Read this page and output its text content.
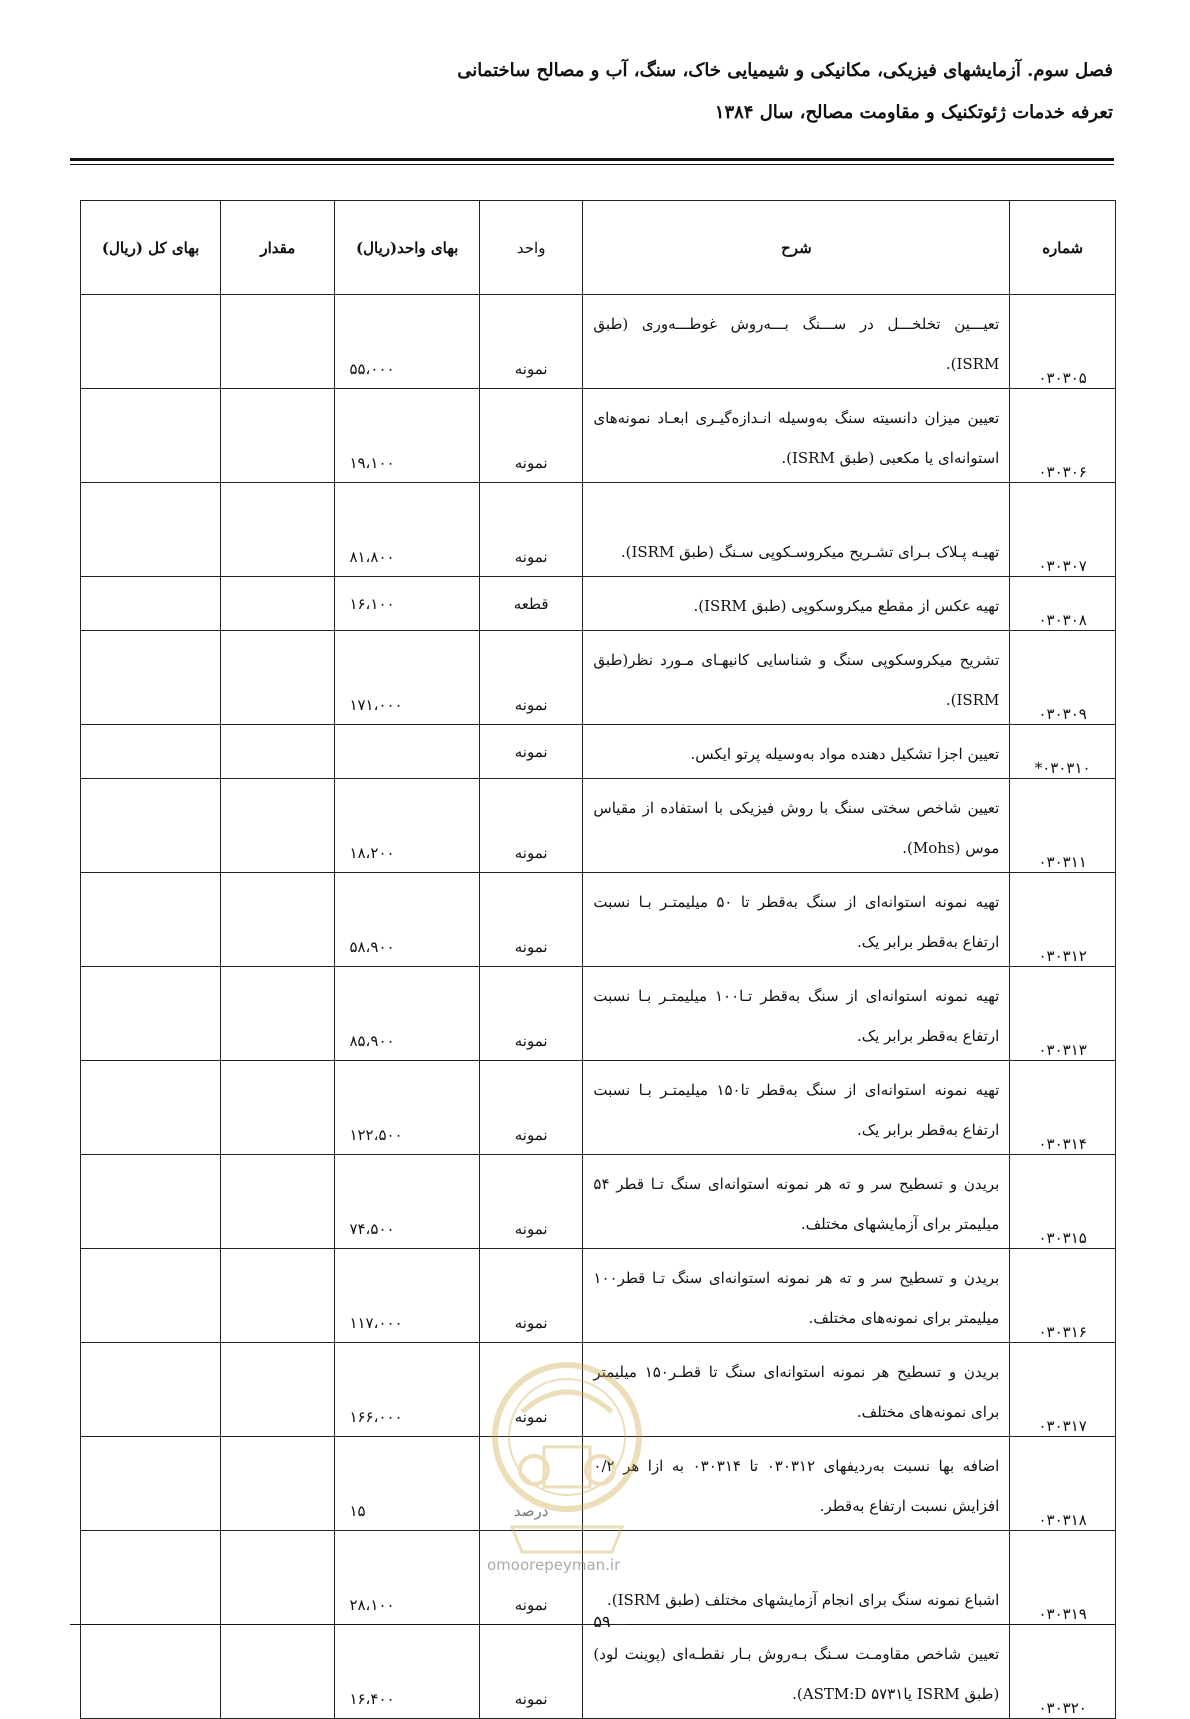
فصل سوم. آزمایشهای فیزیکی، مکانیکی و شیمیایی خاک، سنگ، آب و مصالح ساختمانی
تعرفه خدمات ژئوتکنیک و مقاومت مصالح، سال ۱۳۸۴
شماره	شرح	واحد	بهای واحد(ریال)	مقدار	بهای کل (ریال)
۰۳۰۳۰۵	تعیـــین تخلخـــل در ســـنگ بـــه‌روش غوطـــه‌وری (طبق ISRM).	نمونه	۵۵،۰۰۰		
۰۳۰۳۰۶	تعیین میزان دانسیته سنگ به‌وسیله انـدازه‌گیـری ابعـاد نمونه‌های استوانه‌ای یا مکعبی (طبق ISRM).	نمونه	۱۹،۱۰۰		
۰۳۰۳۰۷	تهیـه پـلاک بـرای تشـریح میکروسـکوپی سـنگ (طبق ISRM).	نمونه	۸۱،۸۰۰		
۰۳۰۳۰۸	تهیه عکس از مقطع میکروسکوپی (طبق ISRM).	قطعه	۱۶،۱۰۰		
۰۳۰۳۰۹	تشریح میکروسکوپی سنگ و شناسایی کانیهـای مـورد نظر(طبق ISRM).	نمونه	۱۷۱،۰۰۰		
۰۳۰۳۱۰*	تعیین اجزا تشکیل دهنده مواد به‌وسیله پرتو ایکس.	نمونه			
۰۳۰۳۱۱	تعیین شاخص سختی سنگ با روش فیزیکی با استفاده از مقیاس موس (Mohs).	نمونه	۱۸،۲۰۰		
۰۳۰۳۱۲	تهیه نمونه استوانه‌ای از سنگ به‌قطر تا ۵۰ میلیمتـر بـا نسبت ارتفاع به‌قطر برابر یک.	نمونه	۵۸،۹۰۰		
۰۳۰۳۱۳	تهیه نمونه استوانه‌ای از سنگ به‌قطر تـا۱۰۰ میلیمتـر بـا نسبت ارتفاع به‌قطر برابر یک.	نمونه	۸۵،۹۰۰		
۰۳۰۳۱۴	تهیه نمونه استوانه‌ای از سنگ به‌قطر تا۱۵۰ میلیمتـر بـا نسبت ارتفاع به‌قطر برابر یک.	نمونه	۱۲۲،۵۰۰		
۰۳۰۳۱۵	بریدن و تسطیح سر و ته هر نمونه استوانه‌ای سنگ تـا قطر ۵۴ میلیمتر برای آزمایشهای مختلف.	نمونه	۷۴،۵۰۰		
۰۳۰۳۱۶	بریدن و تسطیح سر و ته هر نمونه استوانه‌ای سنگ تـا قطر۱۰۰ میلیمتر برای نمونه‌های مختلف.	نمونه	۱۱۷،۰۰۰		
۰۳۰۳۱۷	بریدن و تسطیح هر نمونه استوانه‌ای سنگ تا قطـر۱۵۰ میلیمتر برای نمونه‌های مختلف.	نمونه	۱۶۶،۰۰۰		
۰۳۰۳۱۸	اضافه بها نسبت به‌ردیفهای ۰۳۰۳۱۲ تا ۰۳۰۳۱۴ به ازا هر ۰/۲ افزایش نسبت ارتفاع به‌قطر.	درصد	۱۵		
۰۳۰۳۱۹	اشباع نمونه سنگ برای انجام آزمایشهای مختلف (طبق ISRM).	نمونه	۲۸،۱۰۰		
۰۳۰۳۲۰	تعیین شاخص مقاومـت سـنگ بـه‌روش بـار نقطـه‌ای (پوینت لود) (طبق ISRM یا۵۷۳۱ ASTM:D).	نمونه	۱۶،۴۰۰		
omoorepeyman.ir
۵۹
